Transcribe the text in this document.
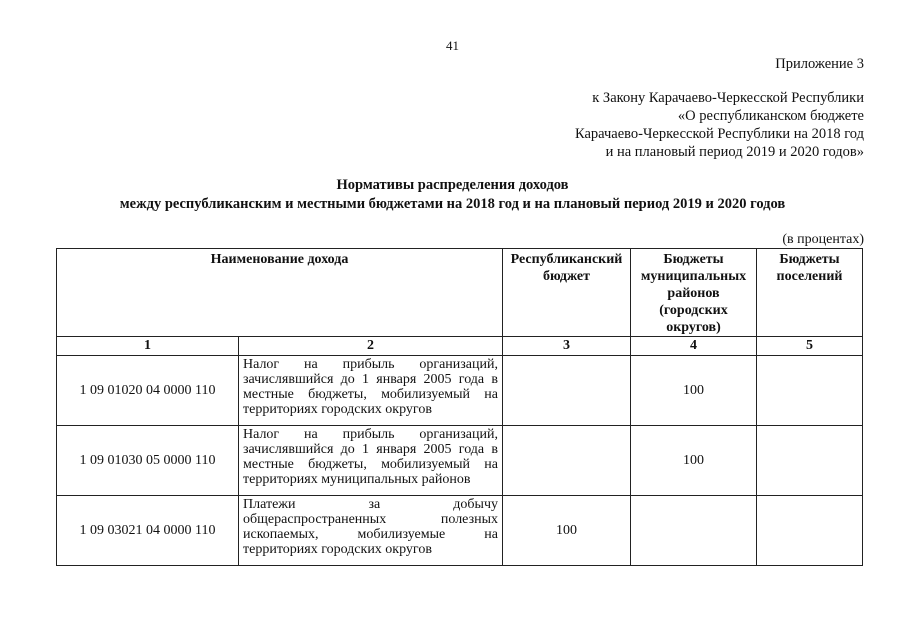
41
Приложение 3
к Закону Карачаево-Черкесской Республики
«О республиканском бюджете
Карачаево-Черкесской Республики на 2018 год
и на плановый период 2019 и 2020 годов»
Нормативы распределения доходов
между республиканским и местными бюджетами на 2018 год и на плановый период 2019 и 2020 годов
(в процентах)
Наименование дохода		Республиканский бюджет	Бюджеты муниципальных районов (городских округов)	Бюджеты поселений
1	2	3	4	5
1 09 01020 04 0000 110	Налог на прибыль организаций, зачислявшийся до 1 января 2005 года в местные бюджеты, мобилизуемый на территориях городских округов		100	
1 09 01030 05 0000 110	Налог на прибыль организаций, зачислявшийся до 1 января 2005 года в местные бюджеты, мобилизуемый на территориях муниципальных районов		100	
1 09 03021 04 0000 110	Платежи за добычу общераспространенных полезных ископаемых, мобилизуемые на территориях городских округов	100		
